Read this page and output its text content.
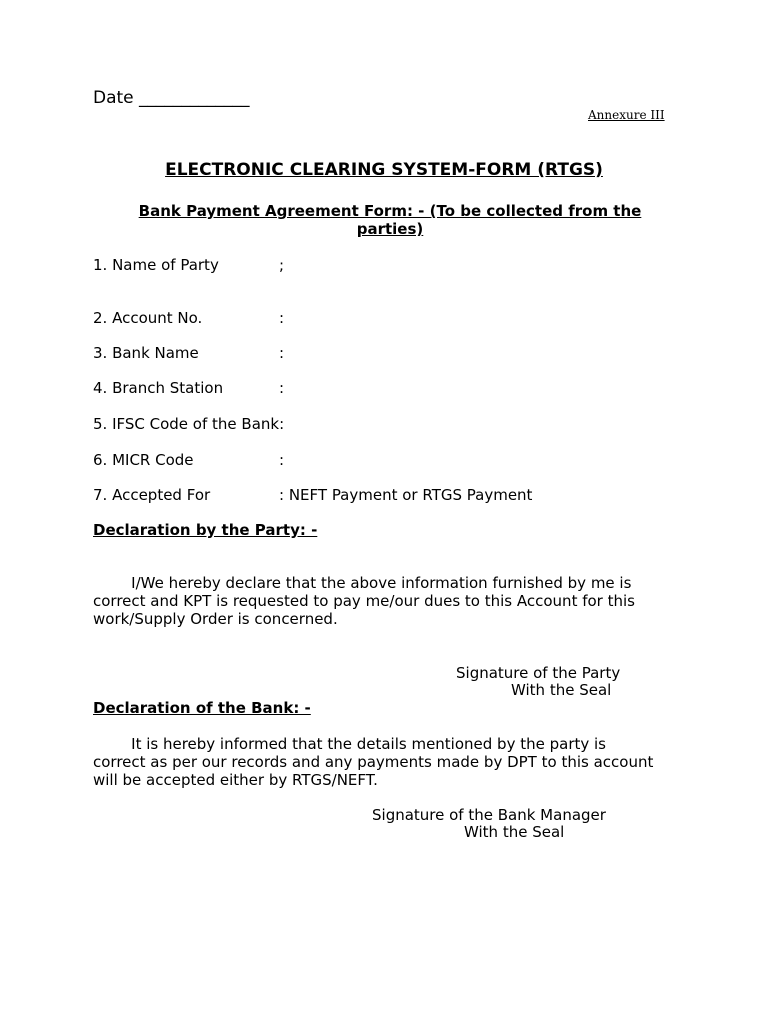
Date _____________
Annexure III
ELECTRONIC CLEARING SYSTEM-FORM (RTGS)
Bank Payment Agreement Form: - (To be collected from the parties)
1. Name of Party	;
2. Account No.	:
3. Bank Name	:
4. Branch Station	:
5. IFSC Code of the Bank:
6. MICR Code	:
7. Accepted For	: NEFT Payment or RTGS Payment
Declaration by the Party: -
I/We hereby declare that the above information furnished by me is
correct and KPT is requested to pay me/our dues to this Account for this
work/Supply Order is concerned.
Signature of the Party
With the Seal
Declaration of the Bank: -
It is hereby informed that the details mentioned by the party is
correct as per our records and any payments made by DPT to this account
will be accepted either by RTGS/NEFT.
Signature of the Bank Manager
With the Seal
